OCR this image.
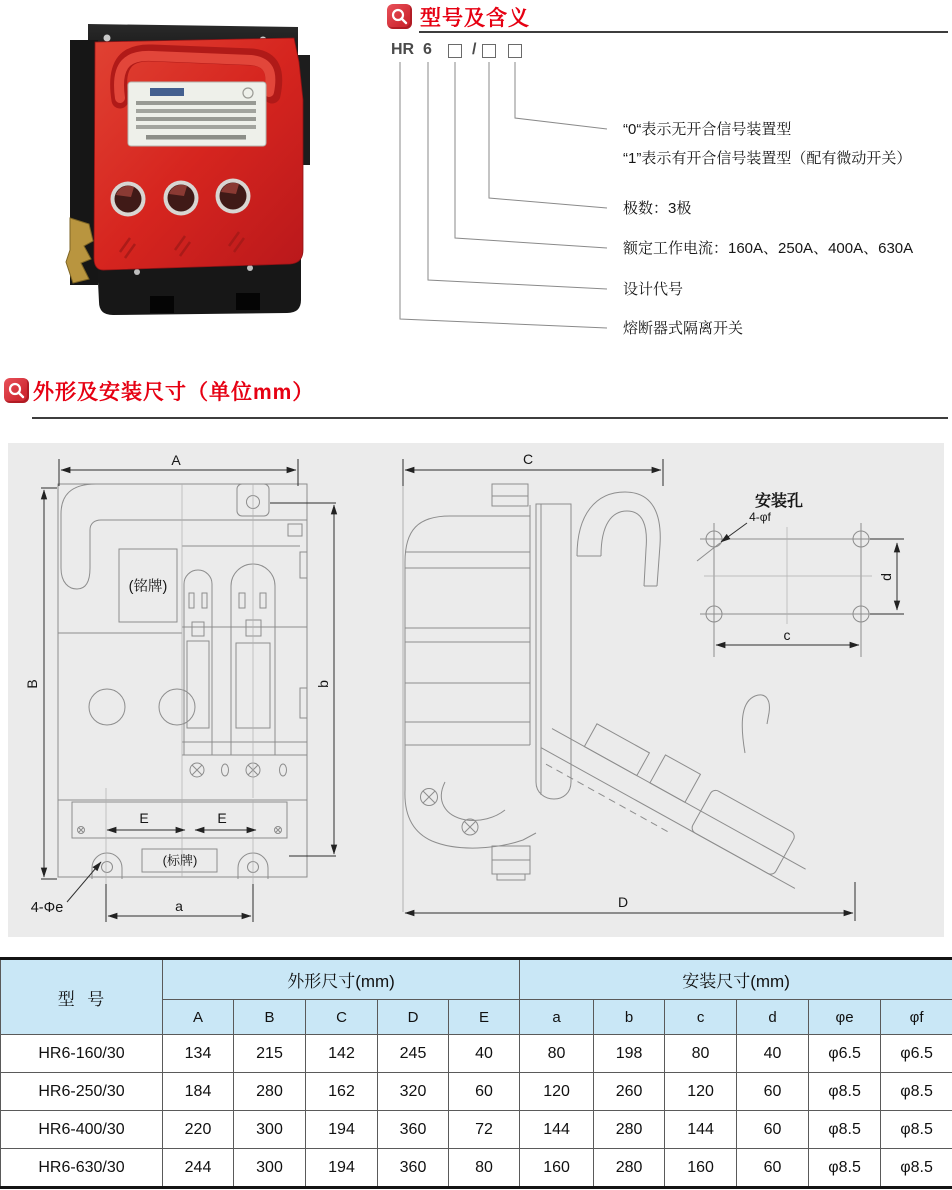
型号及含义
HR 6	/
“0“表示无开合信号装置型
“1”表示有开合信号装置型（配有微动开关）
极数：3极
额定工作电流：160A、250A、400A、630A
设计代号
熔断器式隔离开关
外形及安装尺寸（单位mm）
A
B	b
E	E
a
4-Φe
(铭牌)
(标牌)
C
D
安装孔
4-φf
c
d
型  号	外形尺寸(mm)					安装尺寸(mm)					
	A	B	C	D	E	a	b	c	d	φe	φf
HR6-160/30	134	215	142	245	40	80	198	80	40	φ6.5	φ6.5
HR6-250/30	184	280	162	320	60	120	260	120	60	φ8.5	φ8.5
HR6-400/30	220	300	194	360	72	144	280	144	60	φ8.5	φ8.5
HR6-630/30	244	300	194	360	80	160	280	160	60	φ8.5	φ8.5
